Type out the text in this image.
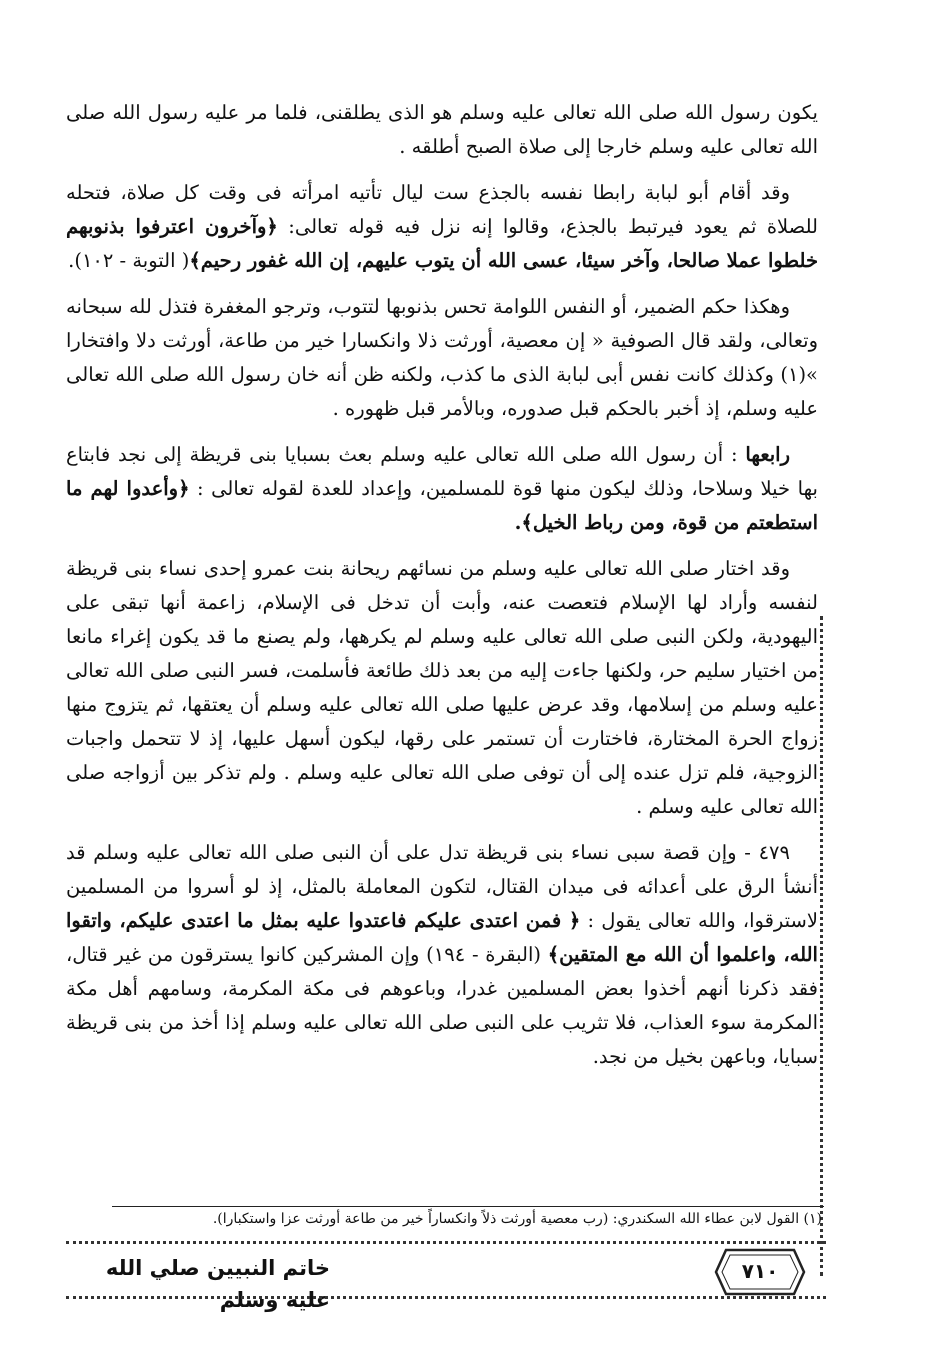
يكون رسول الله صلى الله تعالى عليه وسلم هو الذى يطلقنى، فلما مر عليه رسول الله صلى الله تعالى عليه وسلم خارجا إلى صلاة الصبح أطلقه .

وقد أقام أبو لبابة رابطا نفسه بالجذع ست ليال تأتيه امرأته فى وقت كل صلاة، فتحله للصلاة ثم يعود فيرتبط بالجذع، وقالوا إنه نزل فيه قوله تعالى: ﴿وآخرون اعترفوا بذنوبهم خلطوا عملا صالحا، وآخر سيئا، عسى الله أن يتوب عليهم، إن الله غفور رحيم﴾( التوبة - ١٠٢).

وهكذا حكم الضمير، أو النفس اللوامة تحس بذنوبها لتتوب، وترجو المغفرة فتذل لله سبحانه وتعالى، ولقد قال الصوفية « إن معصية، أورثت ذلا وانكسارا خير من طاعة، أورثت دلا وافتخارا »(١) وكذلك كانت نفس أبى لبابة الذى ما كذب، ولكنه ظن أنه خان رسول الله صلى الله تعالى عليه وسلم، إذ أخبر بالحكم قبل صدوره، وبالأمر قبل ظهوره .

رابعها : أن رسول الله صلى الله تعالى عليه وسلم بعث بسبايا بنى قريظة إلى نجد فابتاع بها خيلا وسلاحا، وذلك ليكون منها قوة للمسلمين، وإعداد للعدة لقوله تعالى : ﴿وأعدوا لهم ما استطعتم من قوة، ومن رباط الخيل﴾.

وقد اختار صلى الله تعالى عليه وسلم من نسائهم ريحانة بنت عمرو إحدى نساء بنى قريظة لنفسه وأراد لها الإسلام فتعصت عنه، وأبت أن تدخل فى الإسلام، زاعمة أنها تبقى على اليهودية، ولكن النبى صلى الله تعالى عليه وسلم لم يكرهها، ولم يصنع ما قد يكون إغراء مانعا من اختيار سليم حر، ولكنها جاءت إليه من بعد ذلك طائعة فأسلمت، فسر النبى صلى الله تعالى عليه وسلم من إسلامها، وقد عرض عليها صلى الله تعالى عليه وسلم أن يعتقها، ثم يتزوج منها زواج الحرة المختارة، فاختارت أن تستمر على رقها، ليكون أسهل عليها، إذ لا تتحمل واجبات الزوجية، فلم تزل عنده إلى أن توفى صلى الله تعالى عليه وسلم . ولم تذكر بين أزواجه صلى الله تعالى عليه وسلم .

٤٧٩ - وإن قصة سبى نساء بنى قريظة تدل على أن النبى صلى الله تعالى عليه وسلم قد أنشأ الرق على أعدائه فى ميدان القتال، لتكون المعاملة بالمثل، إذ لو أسروا من المسلمين لاسترقوا، والله تعالى يقول : ﴿ فمن اعتدى عليكم فاعتدوا عليه بمثل ما اعتدى عليكم، واتقوا الله، واعلموا أن الله مع المتقين﴾ (البقرة - ١٩٤) وإن المشركين كانوا يسترقون من غير قتال، فقد ذكرنا أنهم أخذوا بعض المسلمين غدرا، وباعوهم فى مكة المكرمة، وسامهم أهل مكة المكرمة سوء العذاب، فلا تثريب على النبى صلى الله تعالى عليه وسلم إذا أخذ من بنى قريظة سبايا، وباعهن بخيل من نجد.

(١) القول لابن عطاء الله السكندري: (رب معصية أورثت ذلاً وانكساراً خير من طاعة أورثت عزا واستكبارا).
خاتم النبيين صلي الله عليه وسلم
٧١٠
